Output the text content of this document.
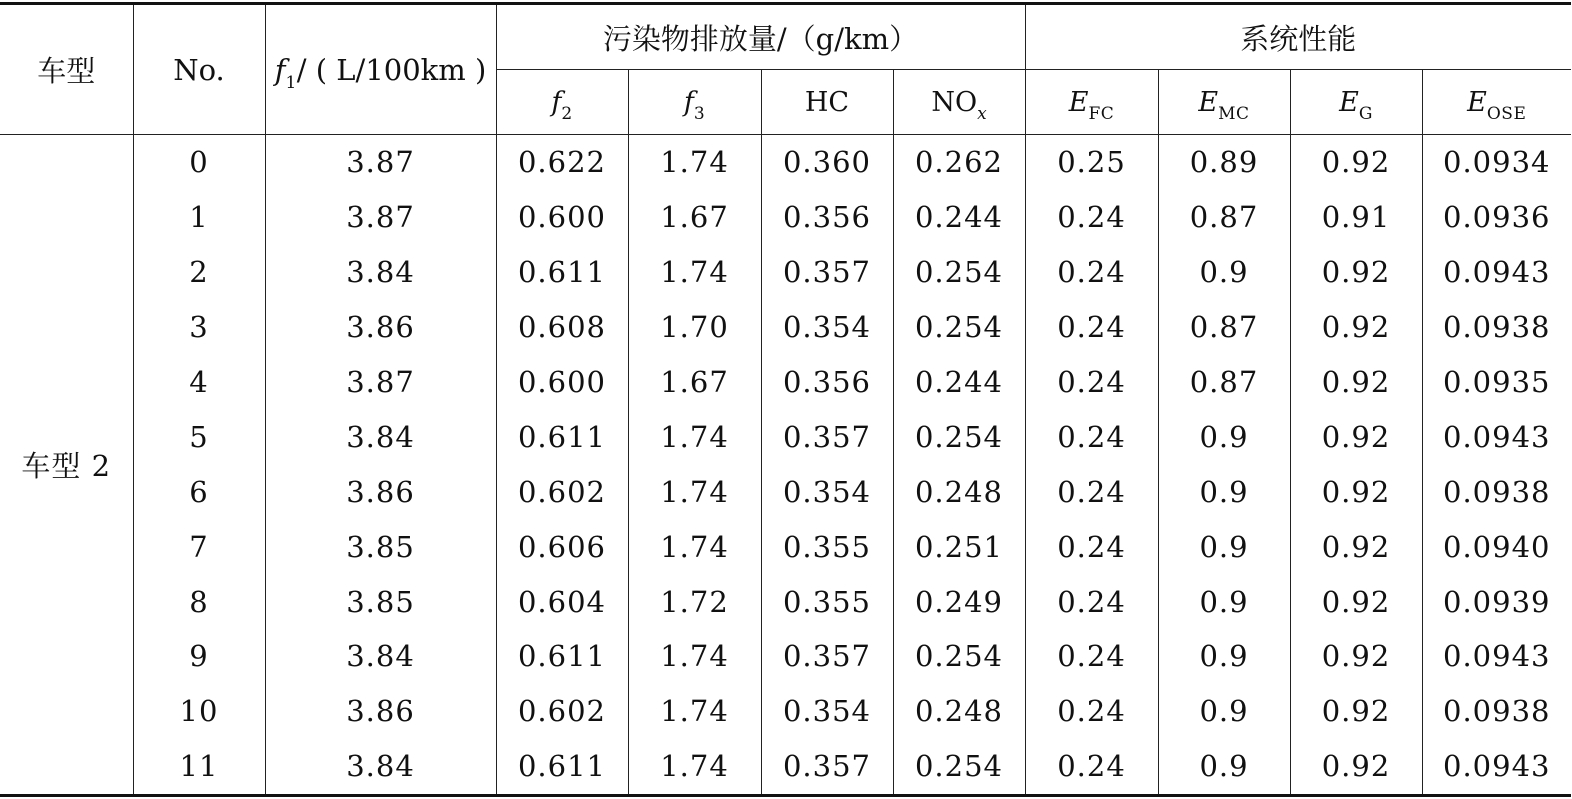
车型	No.	$f_1/$ ( L/100km )	污染物排放量/（g/km）				系统性能			
			$f_2$	$f_3$	HC	$NO_x$	$E_{FC}$	$E_{MC}$	$E_G$	$E_{OSE}$
车型 2	0	3.87	0.622	1.74	0.360	0.262	0.25	0.89	0.92	0.0934
	1	3.87	0.600	1.67	0.356	0.244	0.24	0.87	0.91	0.0936
	2	3.84	0.611	1.74	0.357	0.254	0.24	0.9	0.92	0.0943
	3	3.86	0.608	1.70	0.354	0.254	0.24	0.87	0.92	0.0938
	4	3.87	0.600	1.67	0.356	0.244	0.24	0.87	0.92	0.0935
	5	3.84	0.611	1.74	0.357	0.254	0.24	0.9	0.92	0.0943
	6	3.86	0.602	1.74	0.354	0.248	0.24	0.9	0.92	0.0938
	7	3.85	0.606	1.74	0.355	0.251	0.24	0.9	0.92	0.0940
	8	3.85	0.604	1.72	0.355	0.249	0.24	0.9	0.92	0.0939
	9	3.84	0.611	1.74	0.357	0.254	0.24	0.9	0.92	0.0943
	10	3.86	0.602	1.74	0.354	0.248	0.24	0.9	0.92	0.0938
	11	3.84	0.611	1.74	0.357	0.254	0.24	0.9	0.92	0.0943
